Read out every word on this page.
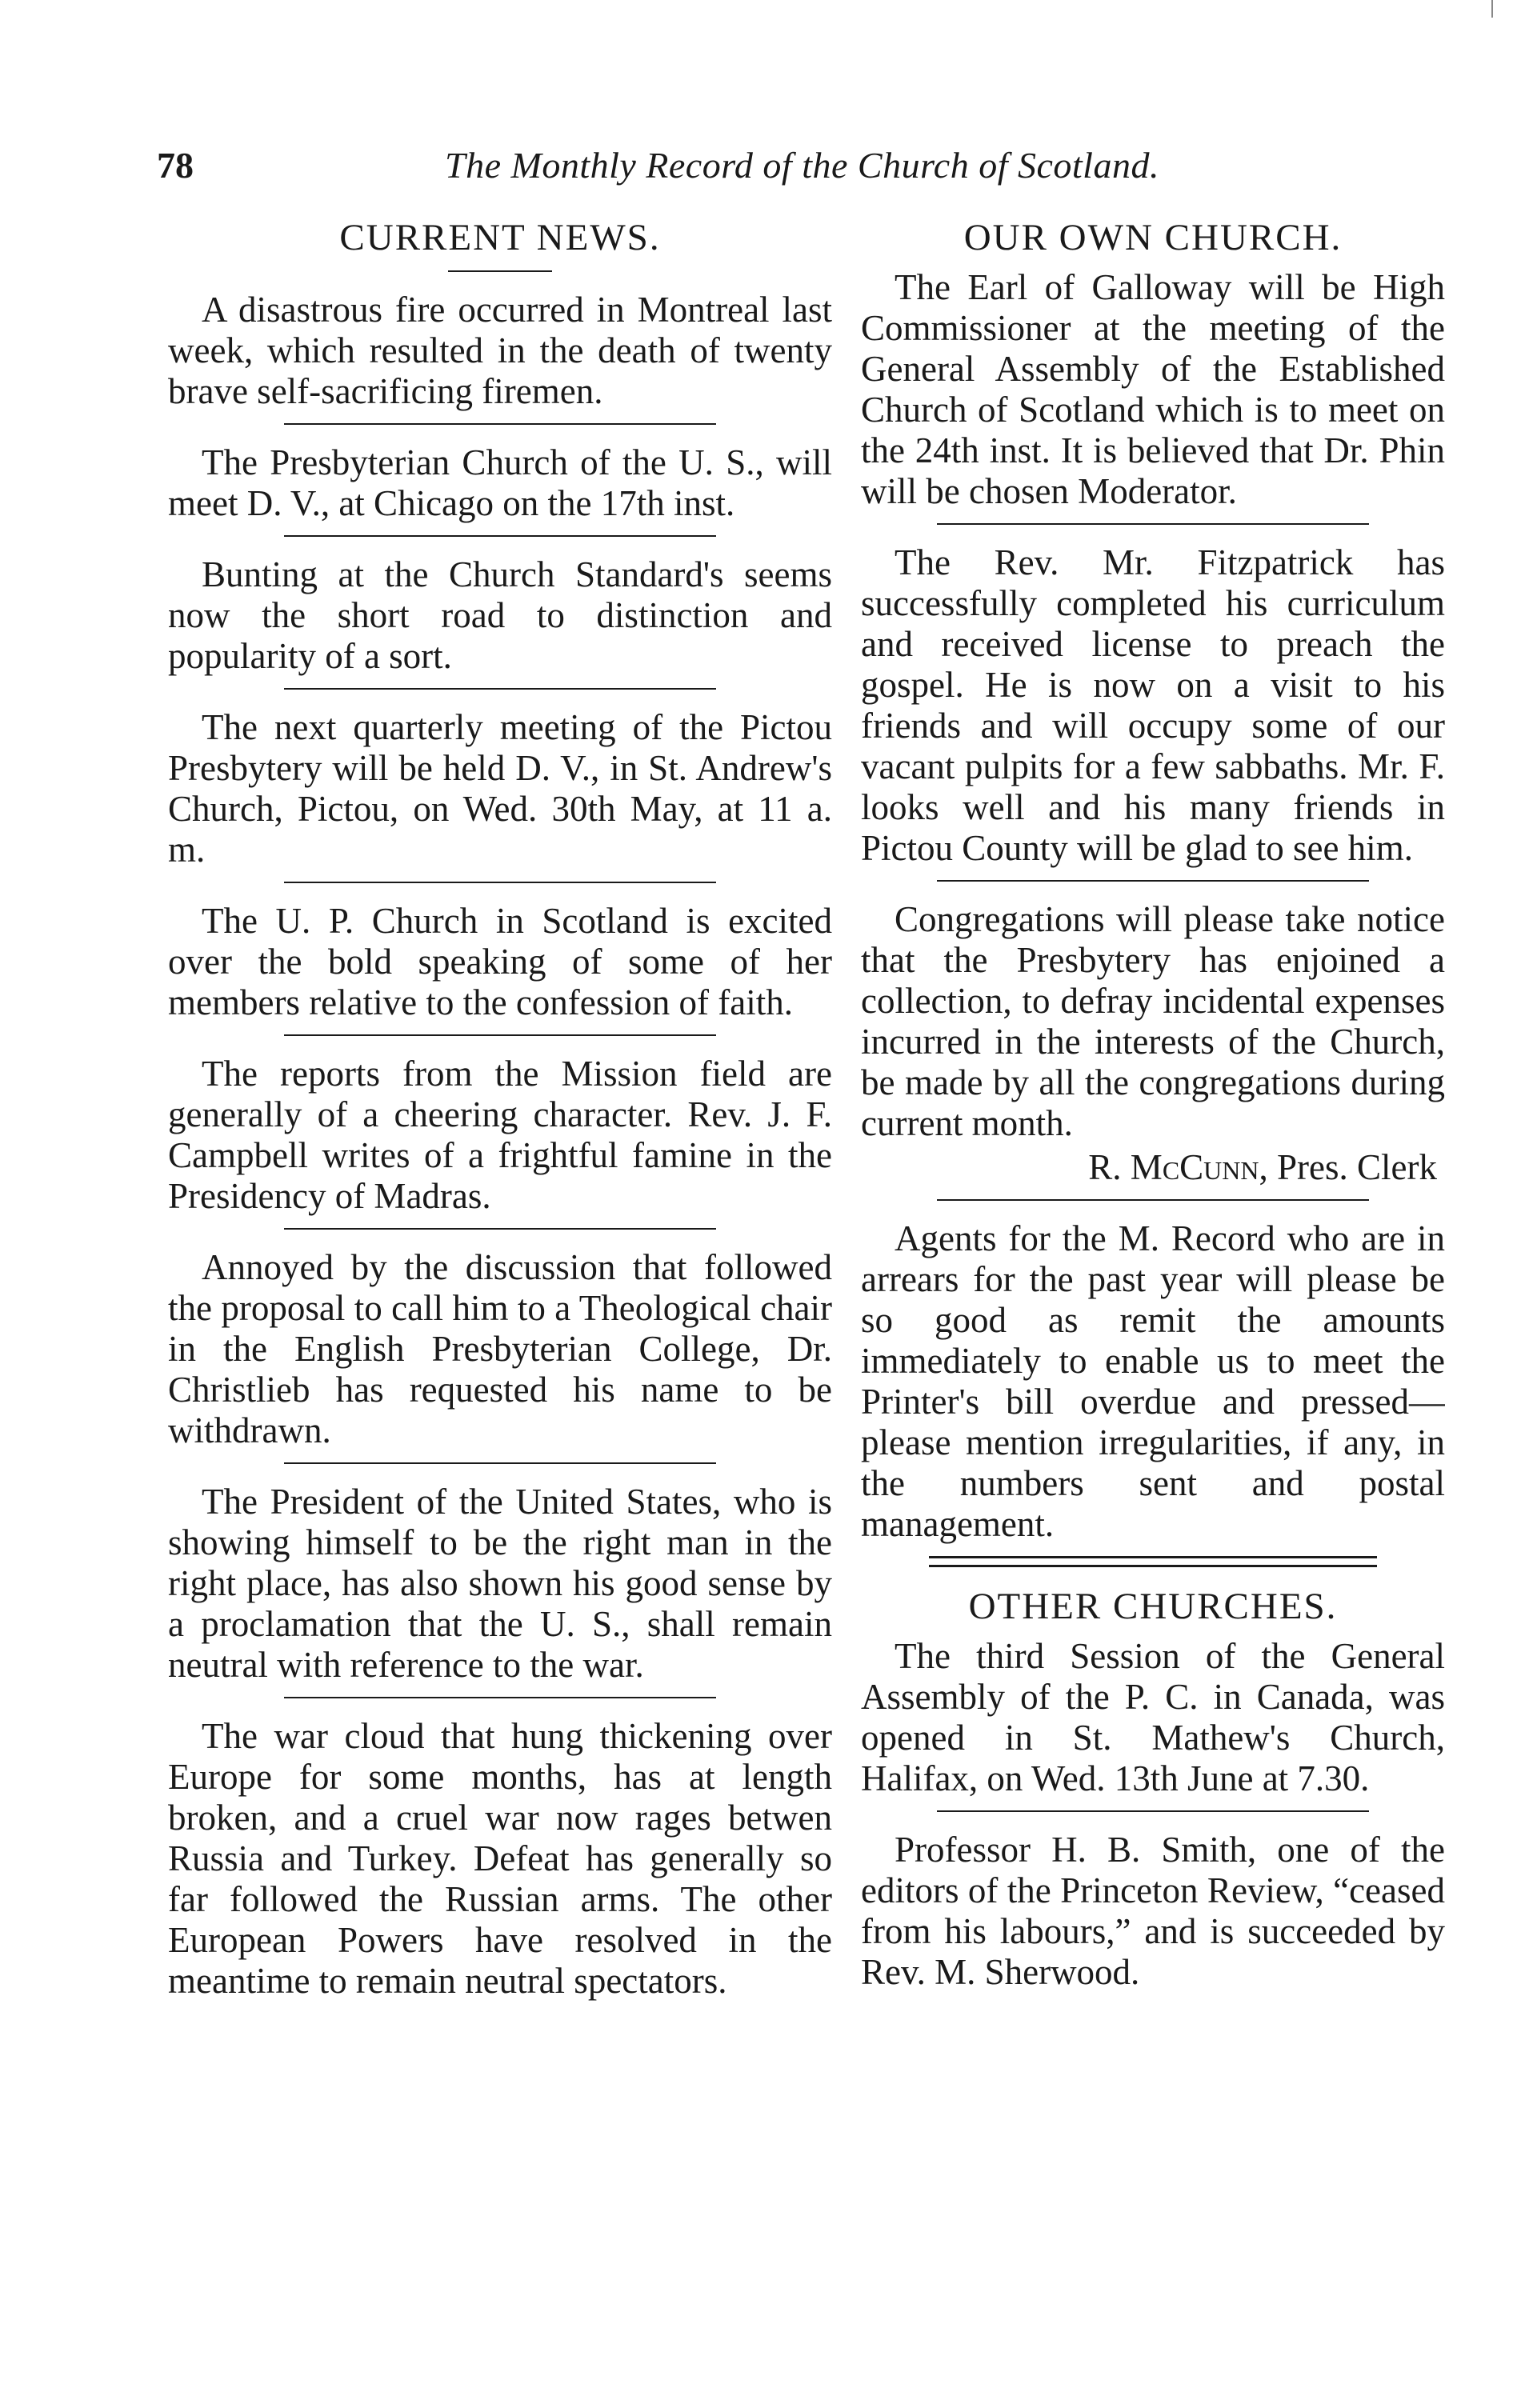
78	The Monthly Record of the Church of Scotland.
CURRENT NEWS.

A disastrous fire occurred in Montreal last week, which resulted in the death of twenty brave self-sacrificing firemen.

The Presbyterian Church of the U. S., will meet D. V., at Chicago on the 17th inst.

Bunting at the Church Standard's seems now the short road to distinction and popularity of a sort.

The next quarterly meeting of the Pictou Presbytery will be held D. V., in St. Andrew's Church, Pictou, on Wed. 30th May, at 11 a. m.

The U. P. Church in Scotland is excited over the bold speaking of some of her members relative to the confession of faith.

The reports from the Mission field are generally of a cheering character. Rev. J. F. Campbell writes of a frightful famine in the Presidency of Madras.

Annoyed by the discussion that followed the proposal to call him to a Theological chair in the English Presbyterian College, Dr. Christlieb has requested his name to be withdrawn.

The President of the United States, who is showing himself to be the right man in the right place, has also shown his good sense by a proclamation that the U. S., shall remain neutral with reference to the war.

The war cloud that hung thickening over Europe for some months, has at length broken, and a cruel war now rages betwen Russia and Turkey. Defeat has generally so far followed the Russian arms. The other European Powers have resolved in the meantime to remain neutral spectators.

OUR OWN CHURCH.

The Earl of Galloway will be High Commissioner at the meeting of the General Assembly of the Established Church of Scotland which is to meet on the 24th inst. It is believed that Dr. Phin will be chosen Moderator.

The Rev. Mr. Fitzpatrick has successfully completed his curriculum and received license to preach the gospel. He is now on a visit to his friends and will occupy some of our vacant pulpits for a few sabbaths. Mr. F. looks well and his many friends in Pictou County will be glad to see him.

Congregations will please take notice that the Presbytery has enjoined a collection, to defray incidental expenses incurred in the interests of the Church, be made by all the congregations during current month.

R. McCunn, Pres. Clerk

Agents for the M. Record who are in arrears for the past year will please be so good as remit the amounts immediately to enable us to meet the Printer's bill overdue and pressed—please mention irregularities, if any, in the numbers sent and postal management.

OTHER CHURCHES.

The third Session of the General Assembly of the P. C. in Canada, was opened in St. Mathew's Church, Halifax, on Wed. 13th June at 7.30.

Professor H. B. Smith, one of the editors of the Princeton Review, “ceased from his labours,” and is succeeded by Rev. M. Sherwood.
